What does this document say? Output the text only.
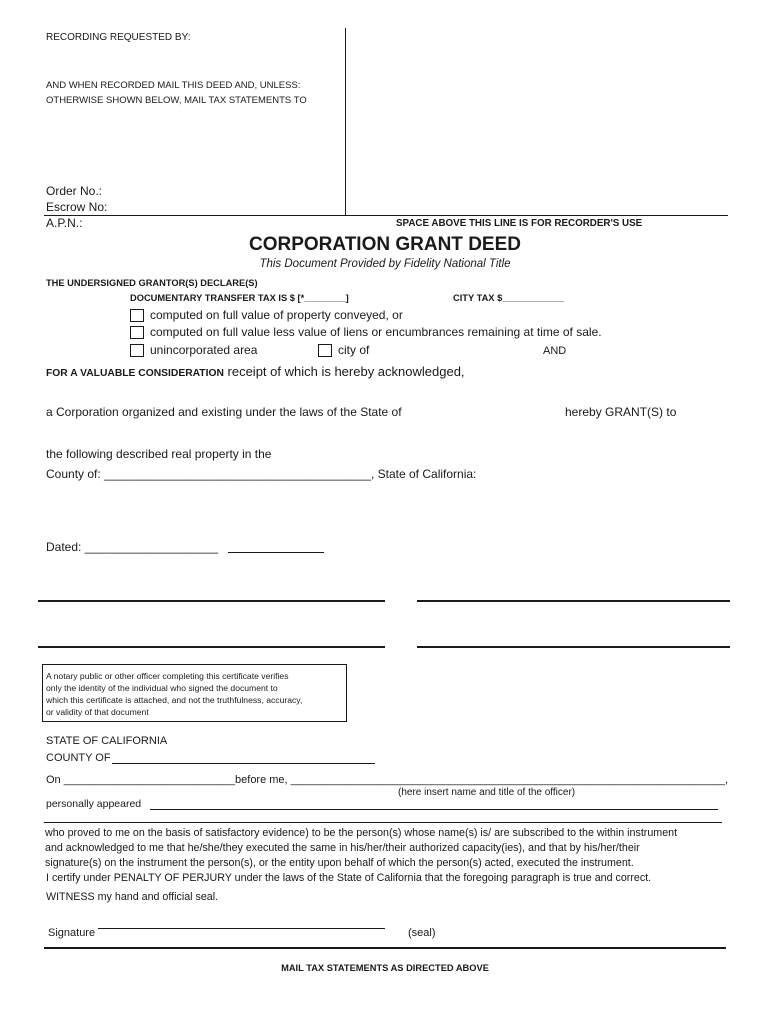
RECORDING REQUESTED BY:
AND WHEN RECORDED MAIL THIS DEED AND, UNLESS:
OTHERWISE SHOWN BELOW, MAIL TAX STATEMENTS TO
Order No.:
Escrow No:
A.P.N.:	SPACE ABOVE THIS LINE IS FOR RECORDER'S USE
CORPORATION GRANT DEED
This Document Provided by Fidelity National Title
THE UNDERSIGNED GRANTOR(S) DECLARE(S)
DOCUMENTARY TRANSFER TAX IS $ [*________]	CITY TAX $____________
computed on full value of property conveyed, or
computed on full value less value of liens or encumbrances remaining at time of sale.
unincorporated area	city of	AND
FOR A VALUABLE CONSIDERATION receipt of which is hereby acknowledged,
a Corporation organized and existing under the laws of the State of	hereby GRANT(S) to
the following described real property in the
County of: ________________________________________, State of California:
Dated: ____________________
A notary public or other officer completing this certificate verifies
only the identity of the individual who signed the document to
which this certificate is attached, and not the truthfulness, accuracy,
or validity of that document
STATE OF CALIFORNIA
COUNTY OF
On ____________________________before me, _______________________________________________________________________,
(here insert name and title of the officer)
personally appeared
who proved to me on the basis of satisfactory evidence) to be the person(s) whose name(s) is/ are subscribed to the within instrument
and acknowledged to me that he/she/they executed the same in his/her/their authorized capacity(ies), and that by his/her/their
signature(s) on the instrument the person(s), or the entity upon behalf of which the person(s) acted, executed the instrument.
I certify under PENALTY OF PERJURY under the laws of the State of California that the foregoing paragraph is true and correct.
WITNESS my hand and official seal.
Signature	(seal)
MAIL TAX STATEMENTS AS DIRECTED ABOVE
